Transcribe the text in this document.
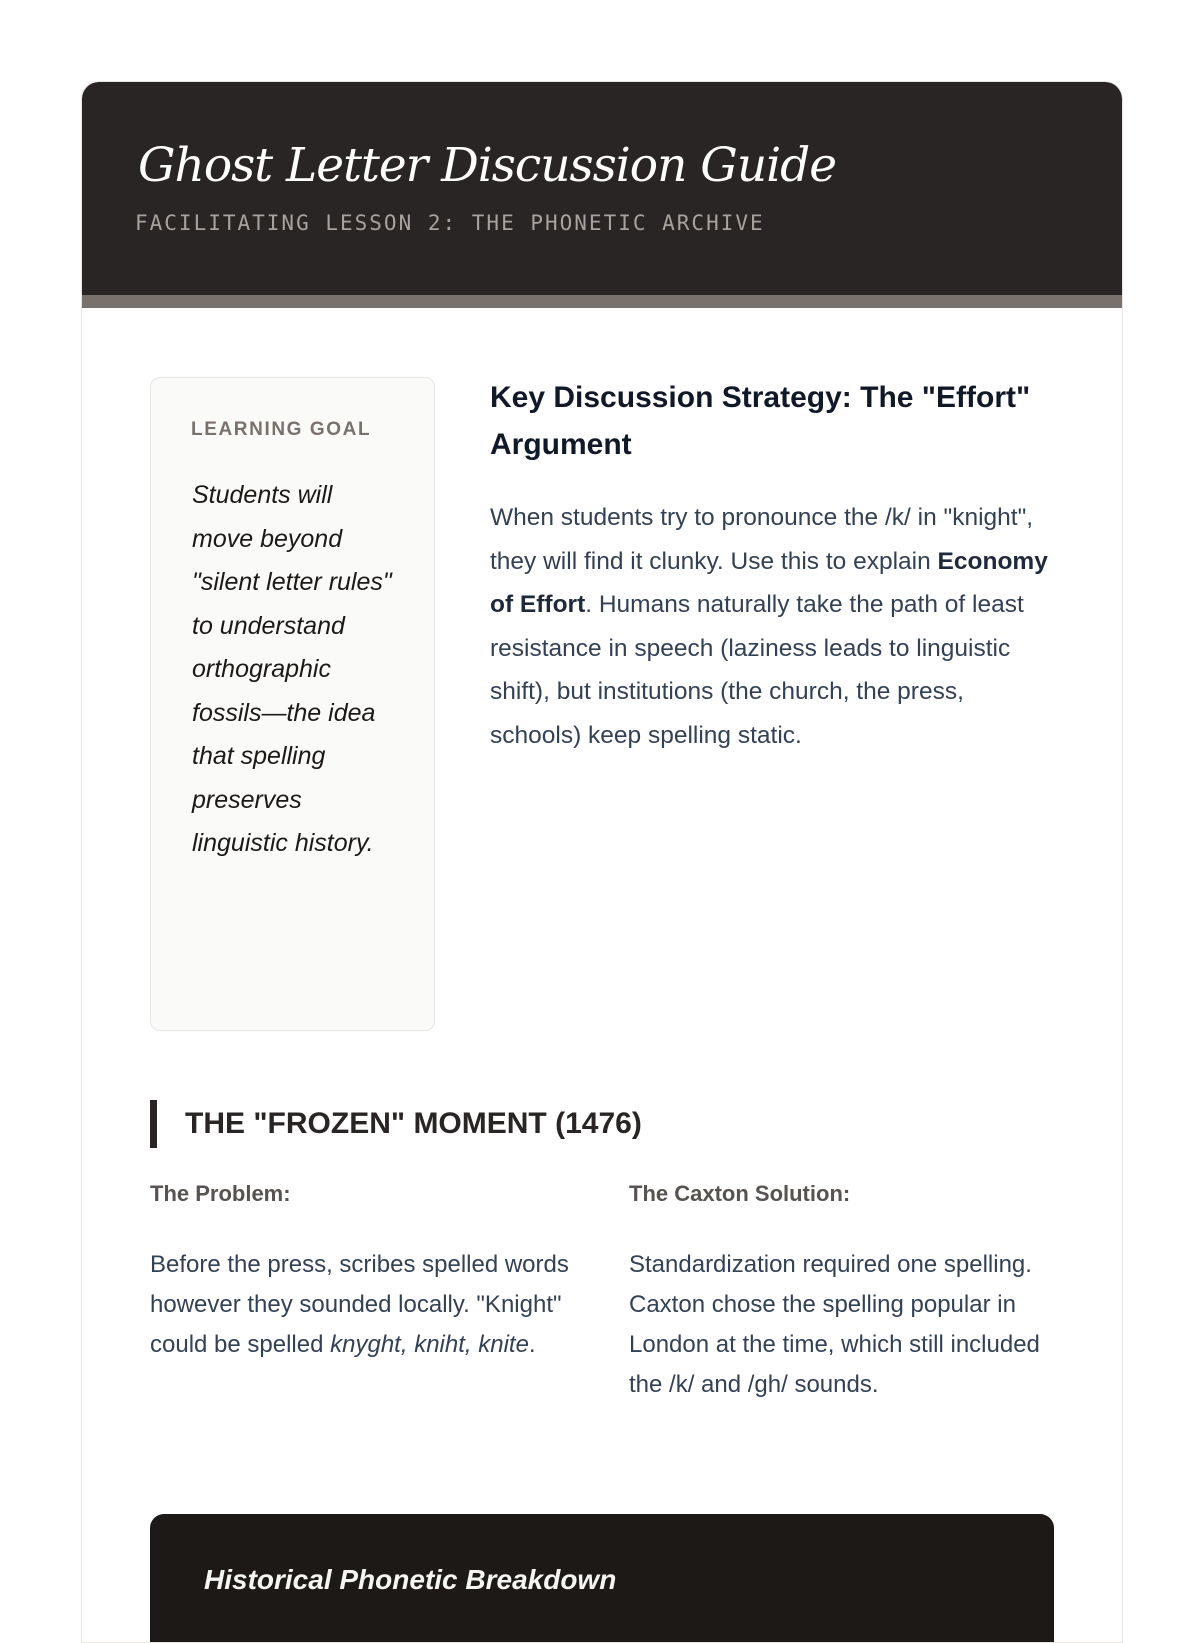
Ghost Letter Discussion Guide
FACILITATING LESSON 2: THE PHONETIC ARCHIVE
LEARNING GOAL
Students will move beyond "silent letter rules" to understand orthographic fossils—the idea that spelling preserves linguistic history.
Key Discussion Strategy: The "Effort" Argument

When students try to pronounce the /k/ in "knight", they will find it clunky. Use this to explain Economy of Effort. Humans naturally take the path of least resistance in speech (laziness leads to linguistic shift), but institutions (the church, the press, schools) keep spelling static.

THE "FROZEN" MOMENT (1476)
The Problem:

Before the press, scribes spelled words however they sounded locally. "Knight" could be spelled knyght, kniht, knite.

The Caxton Solution:

Standardization required one spelling. Caxton chose the spelling popular in London at the time, which still included the /k/ and /gh/ sounds.

Historical Phonetic Breakdown
